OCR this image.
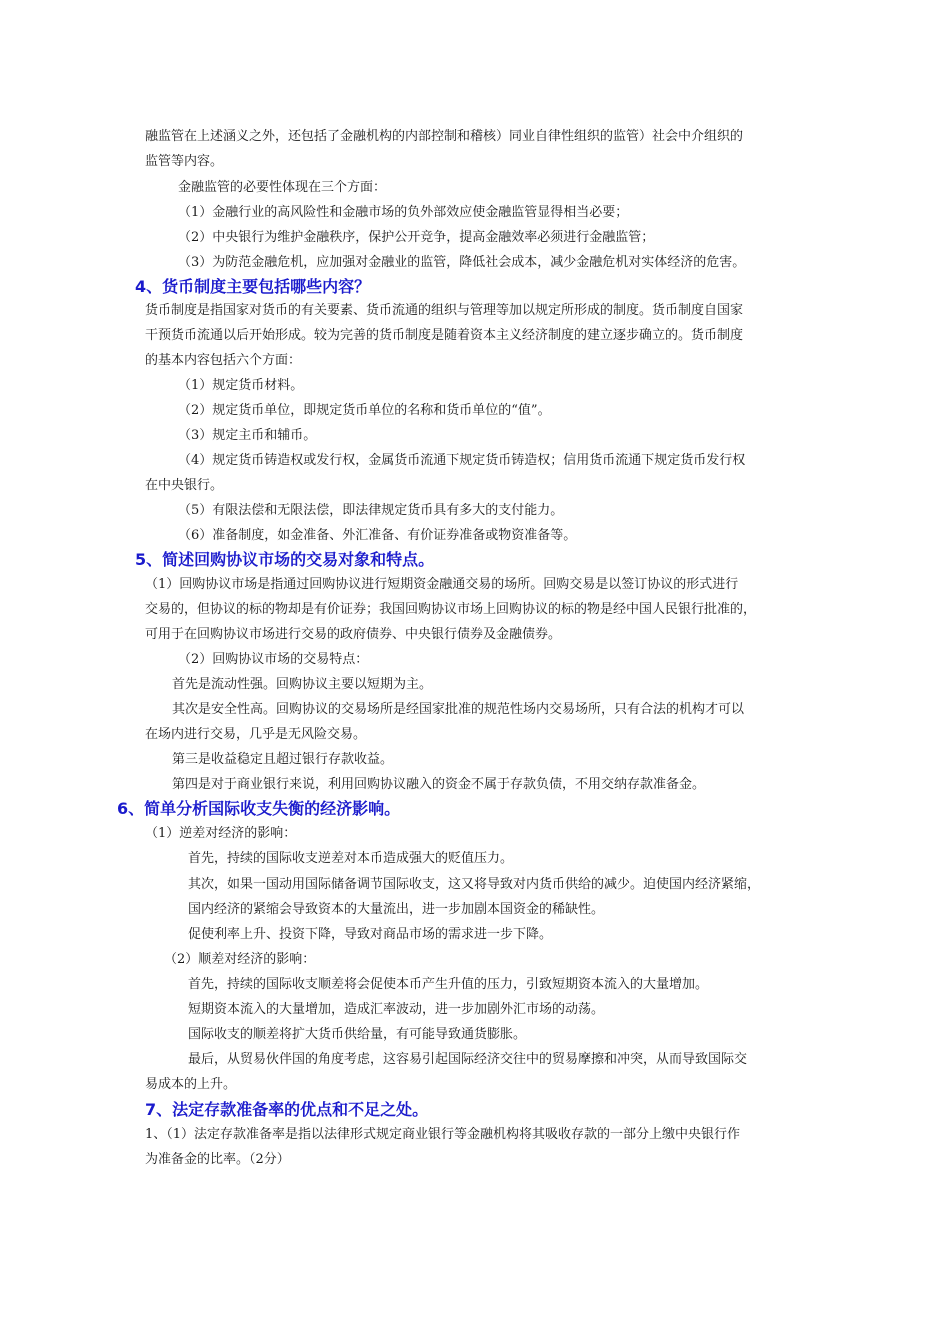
融监管在上述涵义之外，还包括了金融机构的内部控制和稽核）同业自律性组织的监管）社会中介组织的
监管等内容。
金融监管的必要性体现在三个方面：
（1）金融行业的高风险性和金融市场的负外部效应使金融监管显得相当必要；
（2）中央银行为维护金融秩序，保护公开竞争，提高金融效率必须进行金融监管；
（3）为防范金融危机，应加强对金融业的监管，降低社会成本，减少金融危机对实体经济的危害。
4、货币制度主要包括哪些内容？
货币制度是指国家对货币的有关要素、货币流通的组织与管理等加以规定所形成的制度。货币制度自国家
干预货币流通以后开始形成。较为完善的货币制度是随着资本主义经济制度的建立逐步确立的。货币制度
的基本内容包括六个方面：
（1）规定货币材料。
（2）规定货币单位，即规定货币单位的名称和货币单位的“值”。
（3）规定主币和辅币。
（4）规定货币铸造权或发行权，金属货币流通下规定货币铸造权；信用货币流通下规定货币发行权
在中央银行。
（5）有限法偿和无限法偿，即法律规定货币具有多大的支付能力。
（6）准备制度，如金准备、外汇准备、有价证券准备或物资准备等。
5、简述回购协议市场的交易对象和特点。
（1）回购协议市场是指通过回购协议进行短期资金融通交易的场所。回购交易是以签订协议的形式进行
交易的，但协议的标的物却是有价证券；我国回购协议市场上回购协议的标的物是经中国人民银行批准的，
可用于在回购协议市场进行交易的政府债券、中央银行债券及金融债券。
（2）回购协议市场的交易特点：
首先是流动性强。回购协议主要以短期为主。
其次是安全性高。回购协议的交易场所是经国家批准的规范性场内交易场所，只有合法的机构才可以
在场内进行交易，几乎是无风险交易。
第三是收益稳定且超过银行存款收益。
第四是对于商业银行来说，利用回购协议融入的资金不属于存款负债，不用交纳存款准备金。
6、简单分析国际收支失衡的经济影响。
（1）逆差对经济的影响：
首先，持续的国际收支逆差对本币造成强大的贬值压力。
其次，如果一国动用国际储备调节国际收支，这又将导致对内货币供给的减少。迫使国内经济紧缩，
国内经济的紧缩会导致资本的大量流出，进一步加剧本国资金的稀缺性。
促使利率上升、投资下降，导致对商品市场的需求进一步下降。
（2）顺差对经济的影响：
首先，持续的国际收支顺差将会促使本币产生升值的压力，引致短期资本流入的大量增加。
短期资本流入的大量增加，造成汇率波动，进一步加剧外汇市场的动荡。
国际收支的顺差将扩大货币供给量，有可能导致通货膨胀。
最后，从贸易伙伴国的角度考虑，这容易引起国际经济交往中的贸易摩擦和冲突，从而导致国际交
易成本的上升。
7、法定存款准备率的优点和不足之处。
1、（1）法定存款准备率是指以法律形式规定商业银行等金融机构将其吸收存款的一部分上缴中央银行作
为准备金的比率。（2分）
